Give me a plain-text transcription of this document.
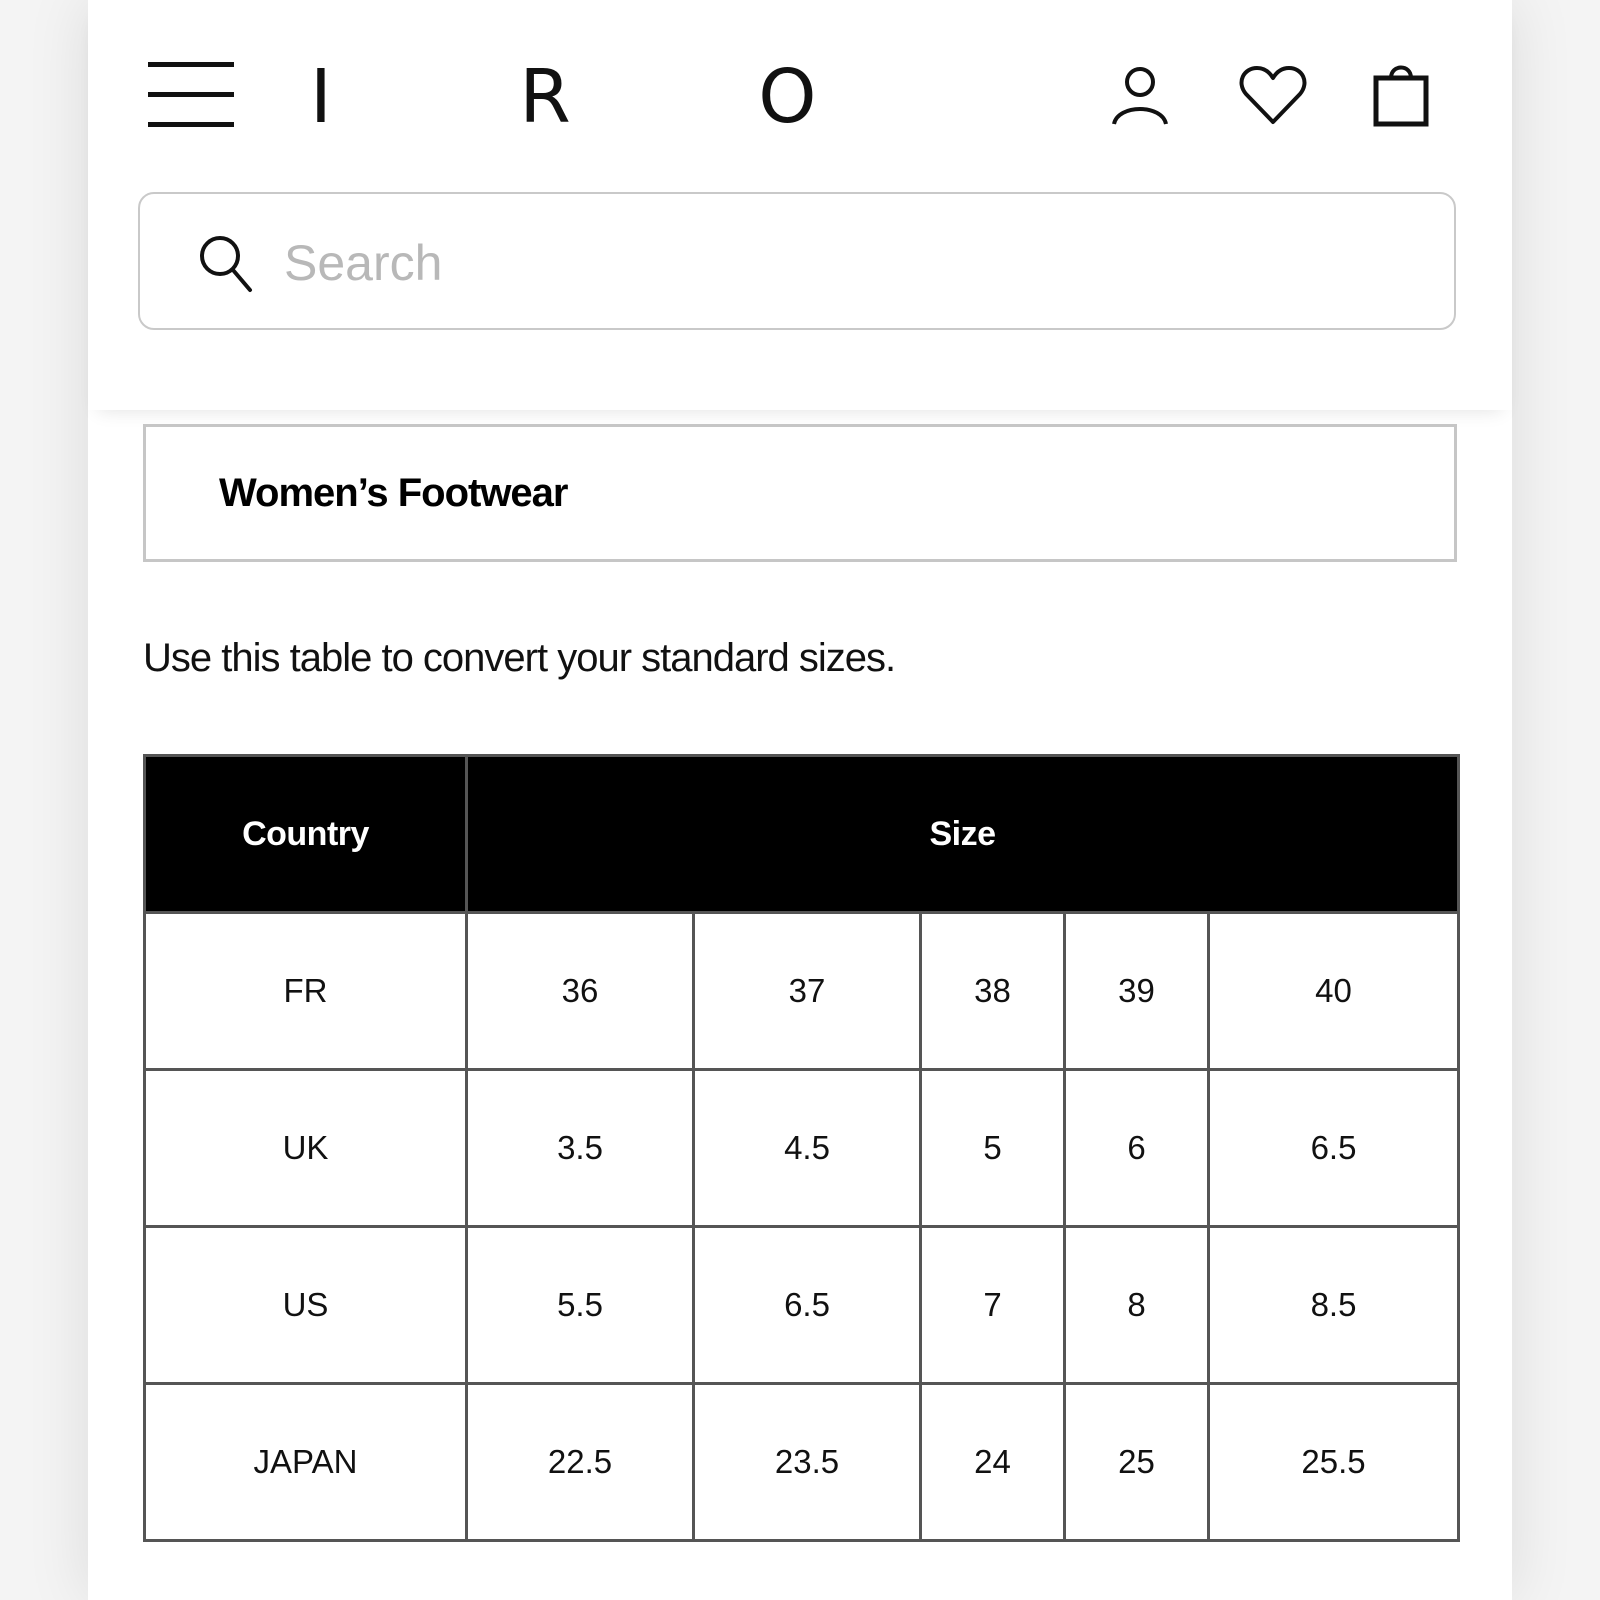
I R O
Search
Women’s Footwear
Use this table to convert your standard sizes.
Country	Size				
FR	36	37	38	39	40
UK	3.5	4.5	5	6	6.5
US	5.5	6.5	7	8	8.5
JAPAN	22.5	23.5	24	25	25.5
